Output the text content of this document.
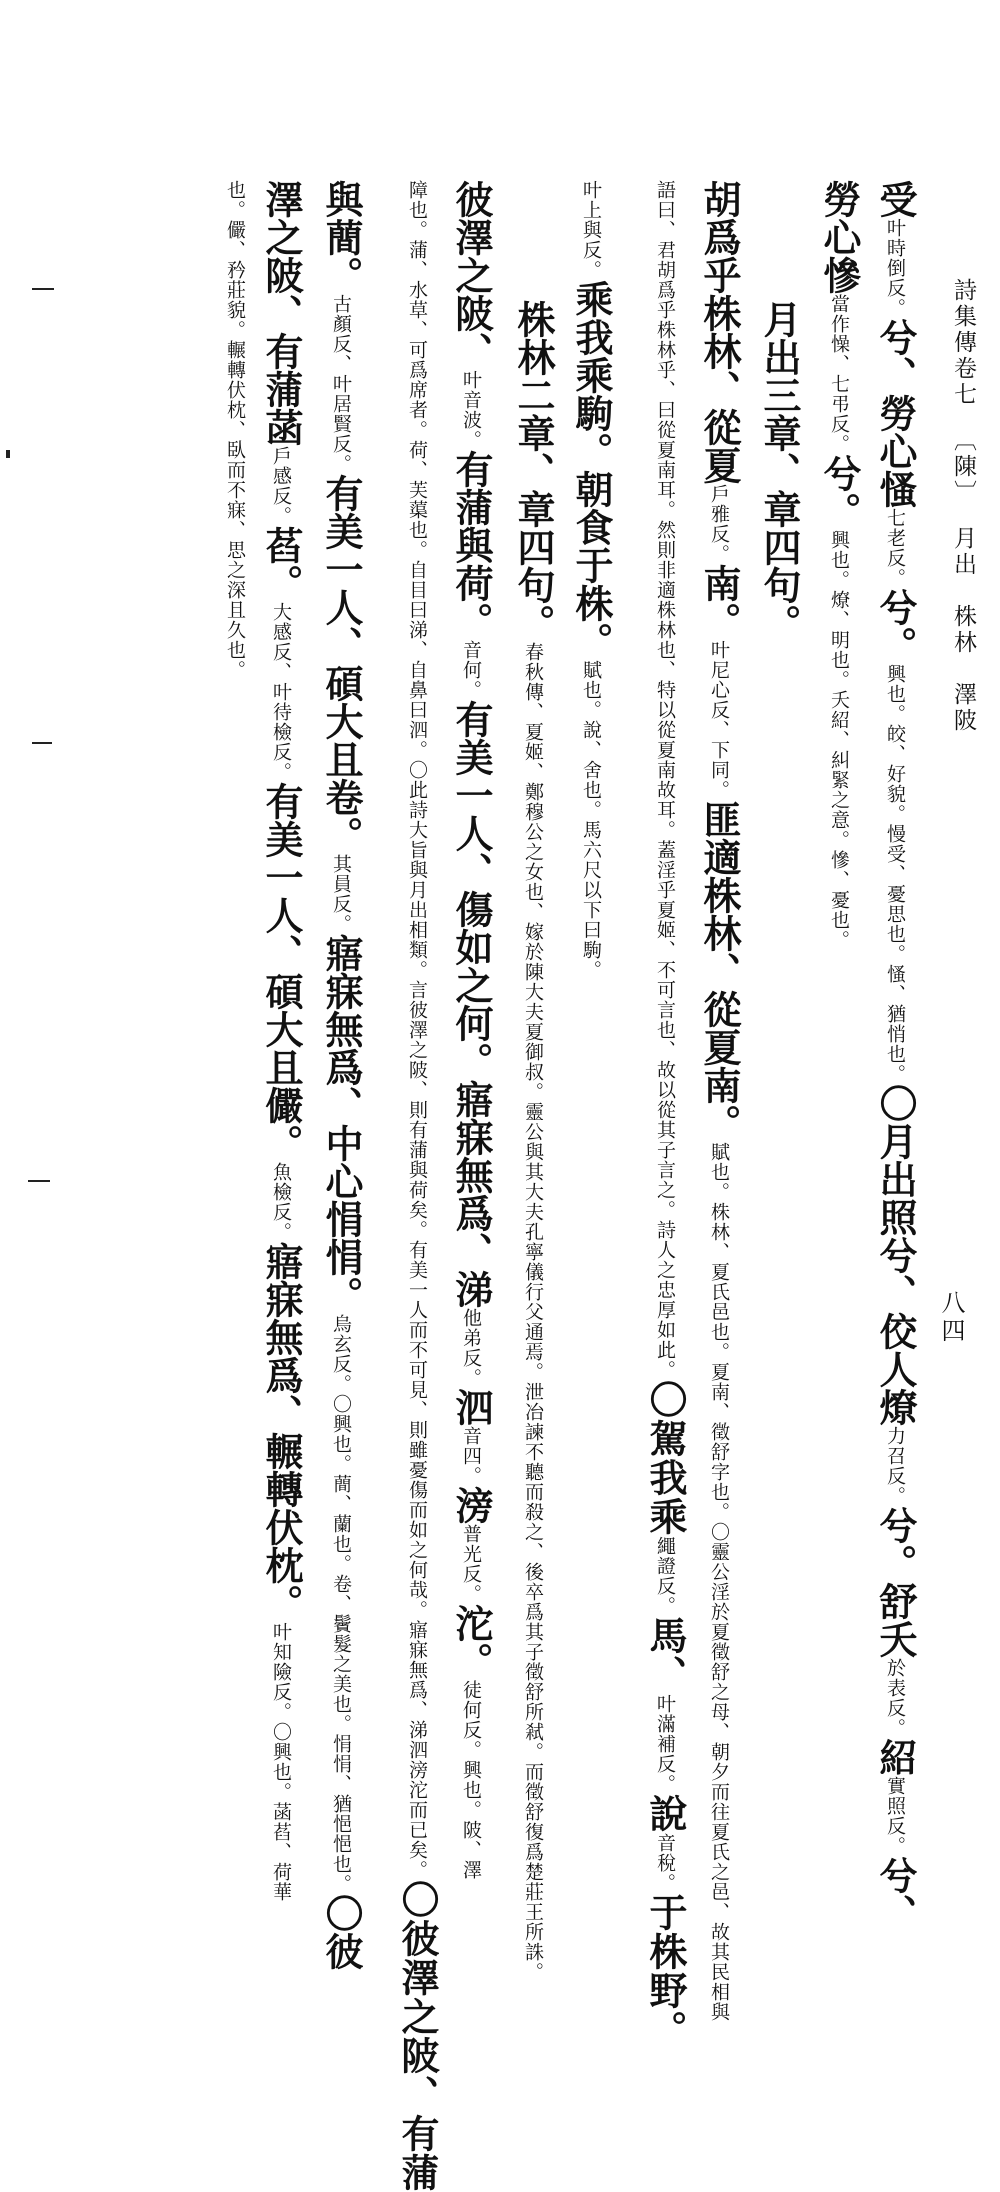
詩集傳卷七
〔陳〕
月出　株林　澤陂
八四
受叶時倒反。兮、勞心慅七老反。兮。興也。皎、好貌。慢受、憂思也。慅、猶悄也。〇月出照兮、佼人燎力召反。兮。舒夭於表反。紹實照反。兮、
勞心慘當作懆、七弔反。兮。興也。燎、明也。夭紹、糾緊之意。慘、憂也。
月出三章、章四句。
胡爲乎株林、從夏戶雅反。南。叶尼心反、下同。匪適株林、從夏南。賦也。株林、夏氏邑也。夏南、徵舒字也。〇靈公淫於夏徵舒之母、朝夕而往夏氏之邑、故其民相與
語曰、君胡爲乎株林乎、曰從夏南耳。然則非適株林也、特以從夏南故耳。蓋淫乎夏姬、不可言也、故以從其子言之。詩人之忠厚如此。〇駕我乘繩證反。馬、叶滿補反。說音稅。于株野。
叶上與反。乘我乘駒。朝食于株。賦也。說、舍也。馬六尺以下曰駒。
株林二章、章四句。春秋傳、夏姬、鄭穆公之女也、嫁於陳大夫夏御叔。靈公與其大夫孔寧儀行父通焉。泄冶諫不聽而殺之、後卒爲其子徵舒所弒。而徵舒復爲楚莊王所誅。
彼澤之陂、叶音波。有蒲與荷。音何。有美一人、傷如之何。寤寐無爲、涕他弟反。泗音四。滂普光反。沱。徒何反。興也。陂、澤
障也。蒲、水草、可爲席者。荷、芙蕖也。自目曰涕、自鼻曰泗。〇此詩大旨與月出相類。言彼澤之陂、則有蒲與荷矣。有美一人而不可見、則雖憂傷而如之何哉。寤寐無爲、涕泗滂沱而已矣。〇彼澤之陂、有蒲
與蕳。古顏反、叶居賢反。有美一人、碩大且卷。其員反。寤寐無爲、中心悁悁。烏玄反。〇興也。蕳、蘭也。卷、鬢髮之美也。悁悁、猶悒悒也。〇彼
澤之陂、有蒲菡戶感反。萏。大感反、叶待檢反。有美一人、碩大且儼。魚檢反。寤寐無爲、輾轉伏枕。叶知險反。〇興也。菡萏、荷華
也。儼、矜莊貌。輾轉伏枕、臥而不寐、思之深且久也。
